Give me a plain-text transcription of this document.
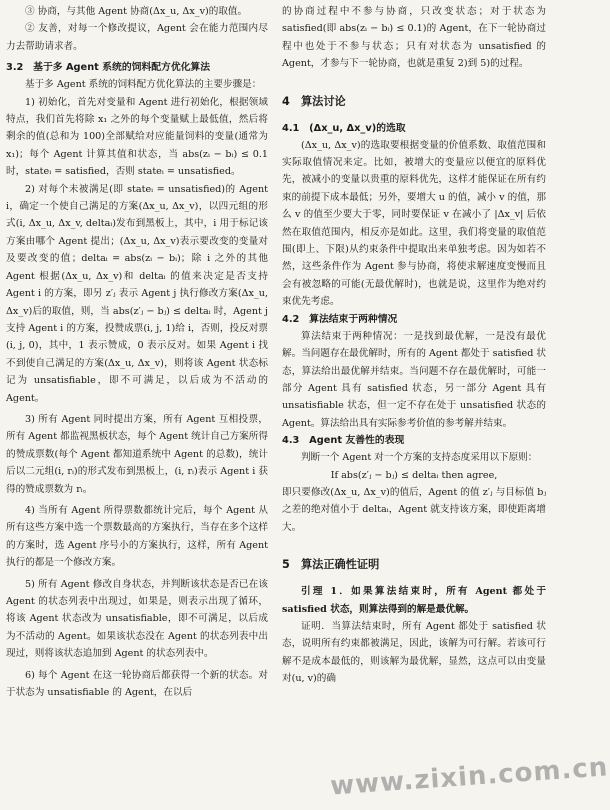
③ 协商，与其他 Agent 协商(Δx_u, Δx_v)的取值。

② 友善，对每一个修改提议，Agent 会在能力范围内尽力去帮助请求者。

3.2　基于多 Agent 系统的饲料配方优化算法

基于多 Agent 系统的饲料配方优化算法的主要步骤是：

1) 初始化，首先对变量和 Agent 进行初始化，根据领域特点，我们首先将除 x₁ 之外的每个变量赋上最低值，然后将剩余的值(总和为 100)全部赋给对应能量饲料的变量(通常为 x₁)；每个 Agent 计算其值和状态，当 abs(zᵢ − bᵢ) ≤ 0.1 时，stateᵢ = satisfied，否则 stateᵢ = unsatisfied。

2) 对每个未被满足(即 stateᵢ = unsatisfied)的 Agent i，确定一个使自己满足的方案(Δx_u, Δx_v)，以四元组的形式(i, Δx_u, Δx_v, deltaᵢ)发布到黑板上，其中，i 用于标记该方案由哪个 Agent 提出；(Δx_u, Δx_v)表示要改变的变量对及要改变的值；deltaᵢ = abs(zᵢ − bᵢ)；除 i 之外的其他 Agent 根据(Δx_u, Δx_v)和 deltaᵢ 的值来决定是否支持 Agent i 的方案，即另 z′ⱼ 表示 Agent j 执行修改方案(Δx_u, Δx_v)后的取值，则，当 abs(z′ⱼ − bⱼ) ≤ deltaᵢ 时，Agent j 支持 Agent i 的方案，投赞成票(i, j, 1)给 i，否则，投反对票(i, j, 0)，其中，1 表示赞成，0 表示反对。如果 Agent i 找不到使自己满足的方案(Δx_u, Δx_v)，则将该 Agent 状态标记为 unsatisfiable，即不可满足，以后成为不活动的 Agent。

3) 所有 Agent 同时提出方案，所有 Agent 互相投票，所有 Agent 都监视黑板状态，每个 Agent 统计自己方案所得的赞成票数(每个 Agent 都知道系统中 Agent 的总数)，统计后以二元组(i, rᵢ)的形式发布到黑板上，(i, rᵢ)表示 Agent i 获得的赞成票数为 rᵢ。

4) 当所有 Agent 所得票数都统计完后，每个 Agent 从所有这些方案中选一个票数最高的方案执行，当存在多个这样的方案时，选 Agent 序号小的方案执行，这样，所有 Agent 执行的都是一个修改方案。

5) 所有 Agent 修改自身状态，并判断该状态是否已在该 Agent 的状态列表中出现过，如果是，则表示出现了循环，将该 Agent 状态改为 unsatisfiable，即不可满足，以后成为不活动的 Agent。如果该状态没在 Agent 的状态列表中出现过，则将该状态追加到 Agent 的状态列表中。

6) 每个 Agent 在这一轮协商后都获得一个新的状态。对于状态为 unsatisfiable 的 Agent，在以后

的协商过程中不参与协商，只改变状态；对于状态为 satisfied(即 abs(zᵢ − bᵢ) ≤ 0.1)的 Agent，在下一轮协商过程中也处于不参与状态；只有对状态为 unsatisfied 的 Agent，才参与下一轮协商，也就是重复 2)到 5)的过程。

4　算法讨论

4.1　(Δx_u, Δx_v)的选取

(Δx_u, Δx_v)的选取要根据变量的价值系数、取值范围和实际取值情况来定。比如，被增大的变量应以便宜的原料优先，被减小的变量以贵重的原料优先，这样才能保证在所有约束的前提下成本最低；另外，要增大 u 的值，减小 v 的值，那么 v 的值至少要大于零，同时要保证 v 在减小了 |Δx_v| 后依然在取值范围内，相反亦是如此。这里，我们将变量的取值范围(即上、下限)从约束条件中提取出来单独考虑。因为如若不然，这些条件作为 Agent 参与协商，将使求解速度变慢而且会有被忽略的可能(无最优解时)，也就是说，这里作为绝对约束优先考虑。

4.2　算法结束于两种情况

算法结束于两种情况：一是找到最优解，一是没有最优解。当问题存在最优解时，所有的 Agent 都处于 satisfied 状态，算法给出最优解并结束。当问题不存在最优解时，可能一部分 Agent 具有 satisfied 状态，另一部分 Agent 具有 unsatisfiable 状态，但一定不存在处于 unsatisfied 状态的 Agent。算法给出具有实际参考价值的参考解并结束。

4.3　Agent 友善性的表现

判断一个 Agent 对一个方案的支持态度采用以下原则：

If abs(z′ⱼ − bⱼ) ≤ deltaᵢ then agree,

即只要修改(Δx_u, Δx_v)的值后，Agent 的值 z′ⱼ 与目标值 bⱼ 之差的绝对值小于 deltaᵢ，Agent 就支持该方案，即使距离增大。

5　算法正确性证明

引理 1．如果算法结束时，所有 Agent 都处于 satisfied 状态，则算法得到的解是最优解。

证明．当算法结束时，所有 Agent 都处于 satisfied 状态，说明所有约束都被满足，因此，该解为可行解。若该可行解不是成本最低的，则该解为最优解，显然，这点可以由变量对(u, v)的确

www.zixin.com.cn
